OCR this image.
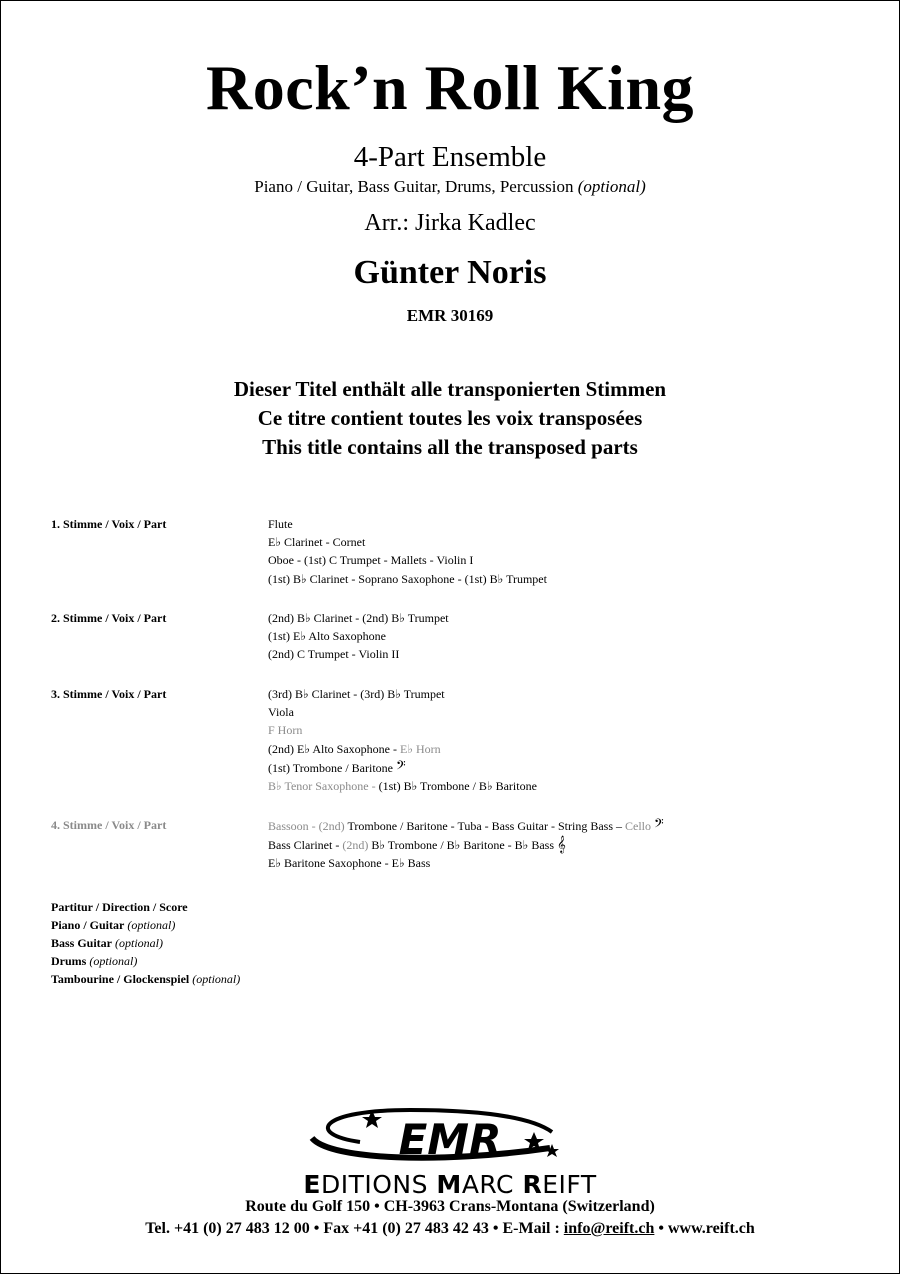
Rock’n Roll King
4-Part Ensemble
Piano / Guitar, Bass Guitar, Drums, Percussion (optional)
Arr.: Jirka Kadlec
Günter Noris
EMR 30169
Dieser Titel enthält alle transponierten Stimmen
Ce titre contient toutes les voix transposées
This title contains all the transposed parts
1. Stimme / Voix / Part	Flute
E♭ Clarinet - Cornet
Oboe - (1st) C Trumpet - Mallets - Violin I
(1st) B♭ Clarinet - Soprano Saxophone - (1st) B♭ Trumpet
2. Stimme / Voix / Part	(2nd) B♭ Clarinet - (2nd) B♭ Trumpet
(1st) E♭ Alto Saxophone
(2nd) C Trumpet - Violin II
3. Stimme / Voix / Part	(3rd) B♭ Clarinet - (3rd) B♭ Trumpet
Viola
F Horn
(2nd) E♭ Alto Saxophone - E♭ Horn
(1st) Trombone / Baritone 𝄢
B♭ Tenor Saxophone - (1st) B♭ Trombone / B♭ Baritone
4. Stimme / Voix / Part	Bassoon - (2nd) Trombone / Baritone - Tuba - Bass Guitar - String Bass – Cello 𝄢
Bass Clarinet - (2nd) B♭ Trombone / B♭ Baritone - B♭ Bass 𝄞
E♭ Baritone Saxophone - E♭ Bass
Partitur / Direction / Score
Piano / Guitar (optional)
Bass Guitar (optional)
Drums (optional)
Tambourine / Glockenspiel (optional)
EMR
EDITIONS MARC REIFT
Route du Golf 150 • CH-3963 Crans-Montana (Switzerland)
Tel. +41 (0) 27 483 12 00 • Fax +41 (0) 27 483 42 43 • E-Mail : info@reift.ch • www.reift.ch
